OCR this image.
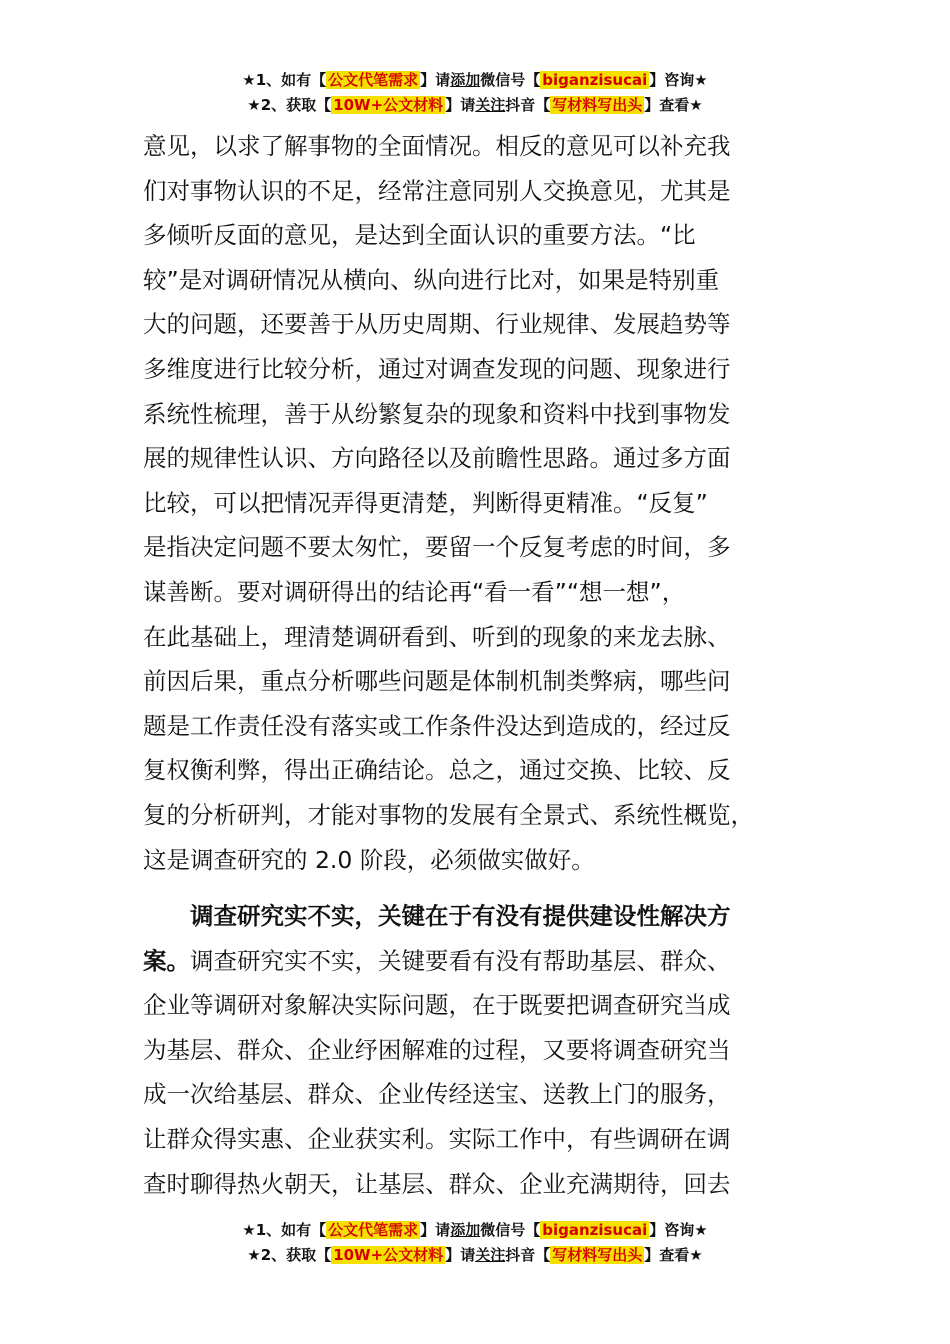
★1、如有【 公文代笔需求 】请添加微信号【 biganzisucai 】咨询★
★2、获取【 10W+公文材料 】请关注抖音【 写材料写出头 】查看★
意见，以求了解事物的全面情况。相反的意见可以补充我
们对事物认识的不足，经常注意同别人交换意见，尤其是
多倾听反面的意见，是达到全面认识的重要方法。“比
较”是对调研情况从横向、纵向进行比对，如果是特别重
大的问题，还要善于从历史周期、行业规律、发展趋势等
多维度进行比较分析，通过对调查发现的问题、现象进行
系统性梳理，善于从纷繁复杂的现象和资料中找到事物发
展的规律性认识、方向路径以及前瞻性思路。通过多方面
比较，可以把情况弄得更清楚，判断得更精准。“反复”
是指决定问题不要太匆忙，要留一个反复考虑的时间，多
谋善断。要对调研得出的结论再“看一看”“想一想”，
在此基础上，理清楚调研看到、听到的现象的来龙去脉、
前因后果，重点分析哪些问题是体制机制类弊病，哪些问
题是工作责任没有落实或工作条件没达到造成的，经过反
复权衡利弊，得出正确结论。总之，通过交换、比较、反
复的分析研判，才能对事物的发展有全景式、系统性概览，
这是调查研究的 2.0 阶段，必须做实做好。
调查研究实不实，关键在于有没有提供建设性解决方
案。调查研究实不实，关键要看有没有帮助基层、群众、
企业等调研对象解决实际问题，在于既要把调查研究当成
为基层、群众、企业纾困解难的过程，又要将调查研究当
成一次给基层、群众、企业传经送宝、送教上门的服务，
让群众得实惠、企业获实利。实际工作中，有些调研在调
查时聊得热火朝天，让基层、群众、企业充满期待，回去
★1、如有【 公文代笔需求 】请添加微信号【 biganzisucai 】咨询★
★2、获取【 10W+公文材料 】请关注抖音【 写材料写出头 】查看★
